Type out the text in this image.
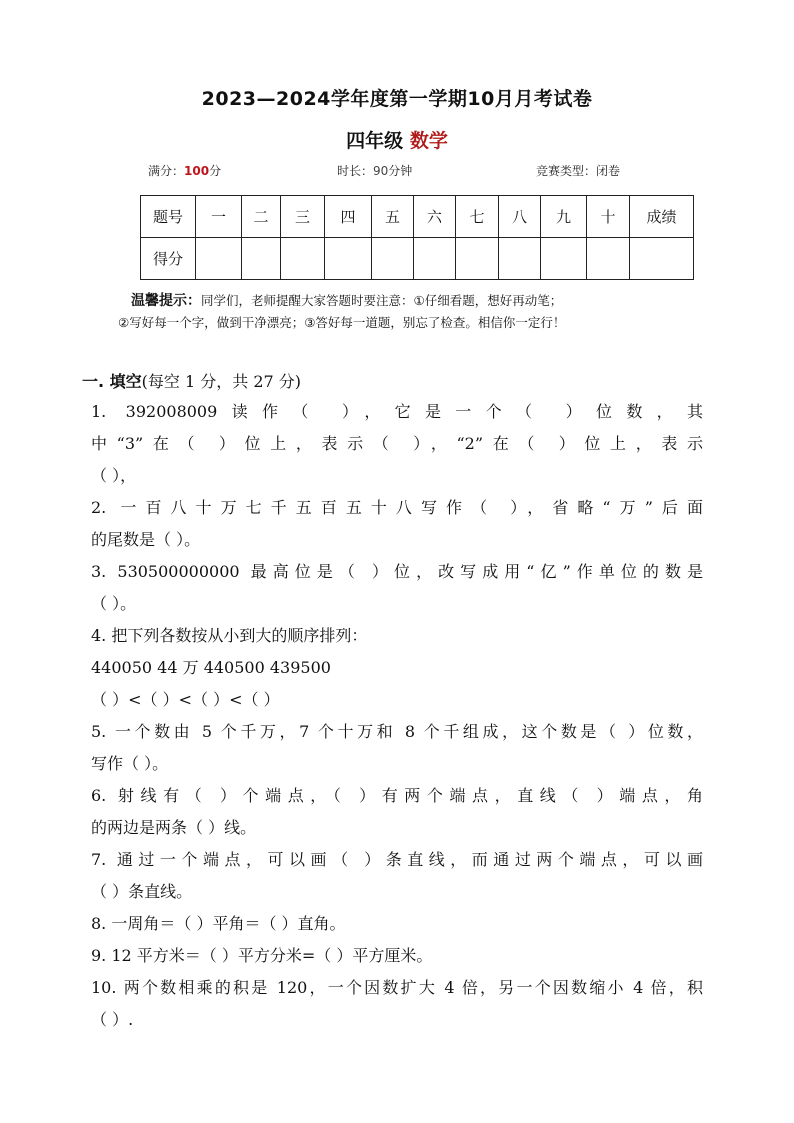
2023—2024学年度第一学期10月月考试卷
四年级 数学
满分：100分	时长：90分钟	竞赛类型：闭卷
题号	一	二	三	四	五	六	七	八	九	十	成绩
得分											
温馨提示：同学们，老师提醒大家答题时要注意：①仔细看题，想好再动笔；
②写好每一个字，做到干净漂亮；③答好每一道题，别忘了检查。相信你一定行！
一. 填空(每空 1 分，共 27 分)
1. 392008009读作（ ），它是一个（ ）位数，其
中“3”在（ ）位上，表示（ ），“2”在（ ）位上，表示
（ ），
2. 一百八十万七千五百五十八写作（ ），省略“万”后面
的尾数是（ ）。
3. 530500000000 最高位是（ ）位，改写成用“亿”作单位的数是
（ ）。
4. 把下列各数按从小到大的顺序排列：
440050 44 万 440500 439500
（ ）<（ ）<（ ）<（ ）
5. 一个数由 5 个千万，7 个十万和 8 个千组成，这个数是（ ）位数，
写作（ ）。
6. 射线有（ ）个端点，（ ）有两个端点，直线（ ）端点，角
的两边是两条（ ）线。
7. 通过一个端点，可以画（ ）条直线，而通过两个端点，可以画
（ ）条直线。
8. 一周角＝（ ）平角＝（ ）直角。
9. 12 平方米＝（ ）平方分米=（ ）平方厘米。
10. 两个数相乘的积是 120，一个因数扩大 4 倍，另一个因数缩小 4 倍，积
（ ）.
